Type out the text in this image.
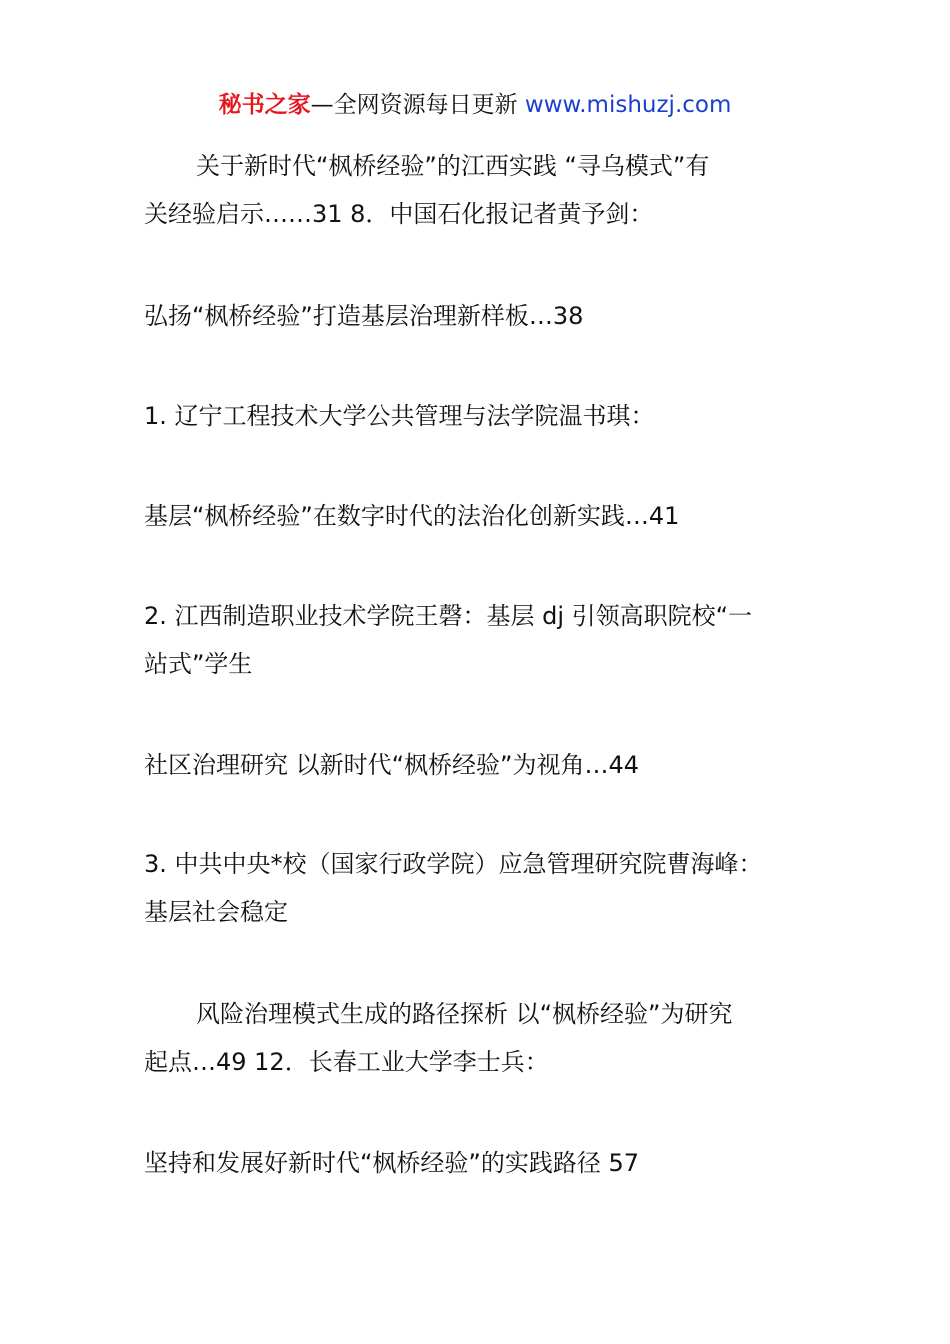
秘书之家—全网资源每日更新 www.mishuzj.com
关于新时代“枫桥经验”的江西实践 “寻乌模式”有
关经验启示……31 8．中国石化报记者黄予剑：
弘扬“枫桥经验”打造基层治理新样板…38
1. 辽宁工程技术大学公共管理与法学院温书琪：
基层“枫桥经验”在数字时代的法治化创新实践…41
2. 江西制造职业技术学院王磬：基层 dj 引领高职院校“一
站式”学生
社区治理研究 以新时代“枫桥经验”为视角…44
3. 中共中央*校（国家行政学院）应急管理研究院曹海峰：
基层社会稳定
风险治理模式生成的路径探析 以“枫桥经验”为研究
起点…49 12．长春工业大学李士兵：
坚持和发展好新时代“枫桥经验”的实践路径 57
